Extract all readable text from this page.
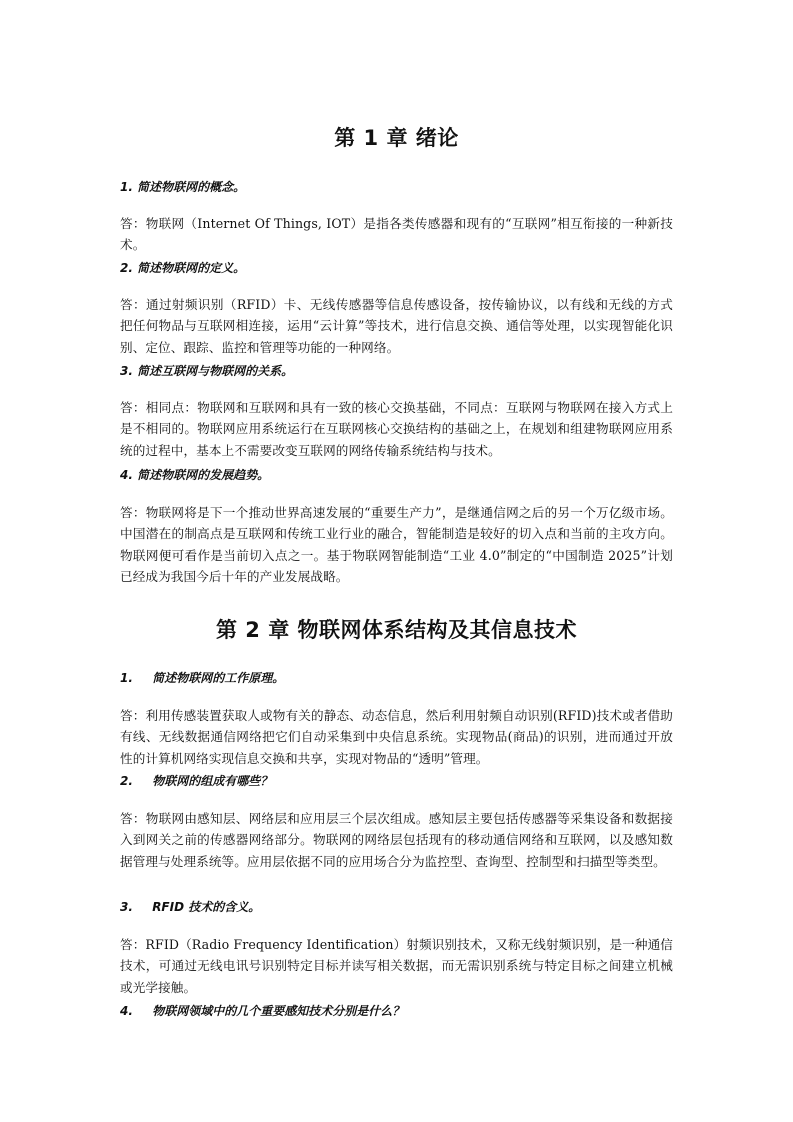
第 1 章 绪论
1. 简述物联网的概念。

答：物联网（Internet Of Things, IOT）是指各类传感器和现有的“互联网”相互衔接的一种新技术。

2. 简述物联网的定义。

答：通过射频识别（RFID）卡、无线传感器等信息传感设备，按传输协议，以有线和无线的方式把任何物品与互联网相连接，运用“云计算”等技术，进行信息交换、通信等处理，以实现智能化识别、定位、跟踪、监控和管理等功能的一种网络。

3. 简述互联网与物联网的关系。

答：相同点：物联网和互联网和具有一致的核心交换基础，不同点：互联网与物联网在接入方式上是不相同的。物联网应用系统运行在互联网核心交换结构的基础之上，在规划和组建物联网应用系统的过程中，基本上不需要改变互联网的网络传输系统结构与技术。

4. 简述物联网的发展趋势。

答：物联网将是下一个推动世界高速发展的“重要生产力”，是继通信网之后的另一个万亿级市场。中国潜在的制高点是互联网和传统工业行业的融合，智能制造是较好的切入点和当前的主攻方向。物联网便可看作是当前切入点之一。基于物联网智能制造“工业 4.0”制定的“中国制造 2025”计划已经成为我国今后十年的产业发展战略。

第 2 章 物联网体系结构及其信息技术
1. 简述物联网的工作原理。

答：利用传感装置获取人或物有关的静态、动态信息，然后利用射频自动识别(RFID)技术或者借助有线、无线数据通信网络把它们自动采集到中央信息系统。实现物品(商品)的识别，进而通过开放性的计算机网络实现信息交换和共享，实现对物品的“透明”管理。

2. 物联网的组成有哪些？

答：物联网由感知层、网络层和应用层三个层次组成。感知层主要包括传感器等采集设备和数据接入到网关之前的传感器网络部分。物联网的网络层包括现有的移动通信网络和互联网，以及感知数据管理与处理系统等。应用层依据不同的应用场合分为监控型、查询型、控制型和扫描型等类型。

3. RFID 技术的含义。

答：RFID（Radio Frequency Identification）射频识别技术，又称无线射频识别，是一种通信技术，可通过无线电讯号识别特定目标并读写相关数据，而无需识别系统与特定目标之间建立机械或光学接触。

4. 物联网领域中的几个重要感知技术分别是什么？
